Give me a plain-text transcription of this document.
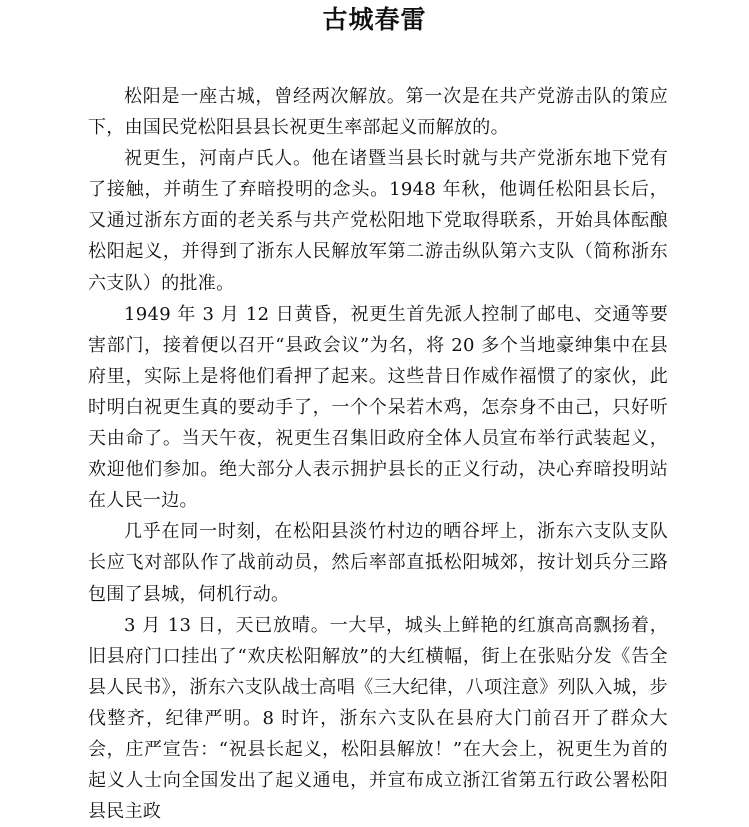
古城春雷

松阳是一座古城，曾经两次解放。第一次是在共产党游击队的策应下，由国民党松阳县县长祝更生率部起义而解放的。

祝更生，河南卢氏人。他在诸暨当县长时就与共产党浙东地下党有了接触，并萌生了弃暗投明的念头。1948 年秋，他调任松阳县长后，又通过浙东方面的老关系与共产党松阳地下党取得联系，开始具体酝酿松阳起义，并得到了浙东人民解放军第二游击纵队第六支队（简称浙东六支队）的批准。

1949 年 3 月 12 日黄昏，祝更生首先派人控制了邮电、交通等要害部门，接着便以召开“县政会议”为名，将 20 多个当地豪绅集中在县府里，实际上是将他们看押了起来。这些昔日作威作福惯了的家伙，此时明白祝更生真的要动手了，一个个呆若木鸡，怎奈身不由己，只好听天由命了。当天午夜，祝更生召集旧政府全体人员宣布举行武装起义，欢迎他们参加。绝大部分人表示拥护县长的正义行动，决心弃暗投明站在人民一边。

几乎在同一时刻，在松阳县淡竹村边的晒谷坪上，浙东六支队支队长应飞对部队作了战前动员，然后率部直抵松阳城郊，按计划兵分三路包围了县城，伺机行动。

3 月 13 日，天已放晴。一大早，城头上鲜艳的红旗高高飘扬着，旧县府门口挂出了“欢庆松阳解放”的大红横幅，街上在张贴分发《告全县人民书》，浙东六支队战士高唱《三大纪律，八项注意》列队入城，步伐整齐，纪律严明。8 时许，浙东六支队在县府大门前召开了群众大会，庄严宣告：“祝县长起义，松阳县解放！”在大会上，祝更生为首的起义人士向全国发出了起义通电，并宣布成立浙江省第五行政公署松阳县民主政
